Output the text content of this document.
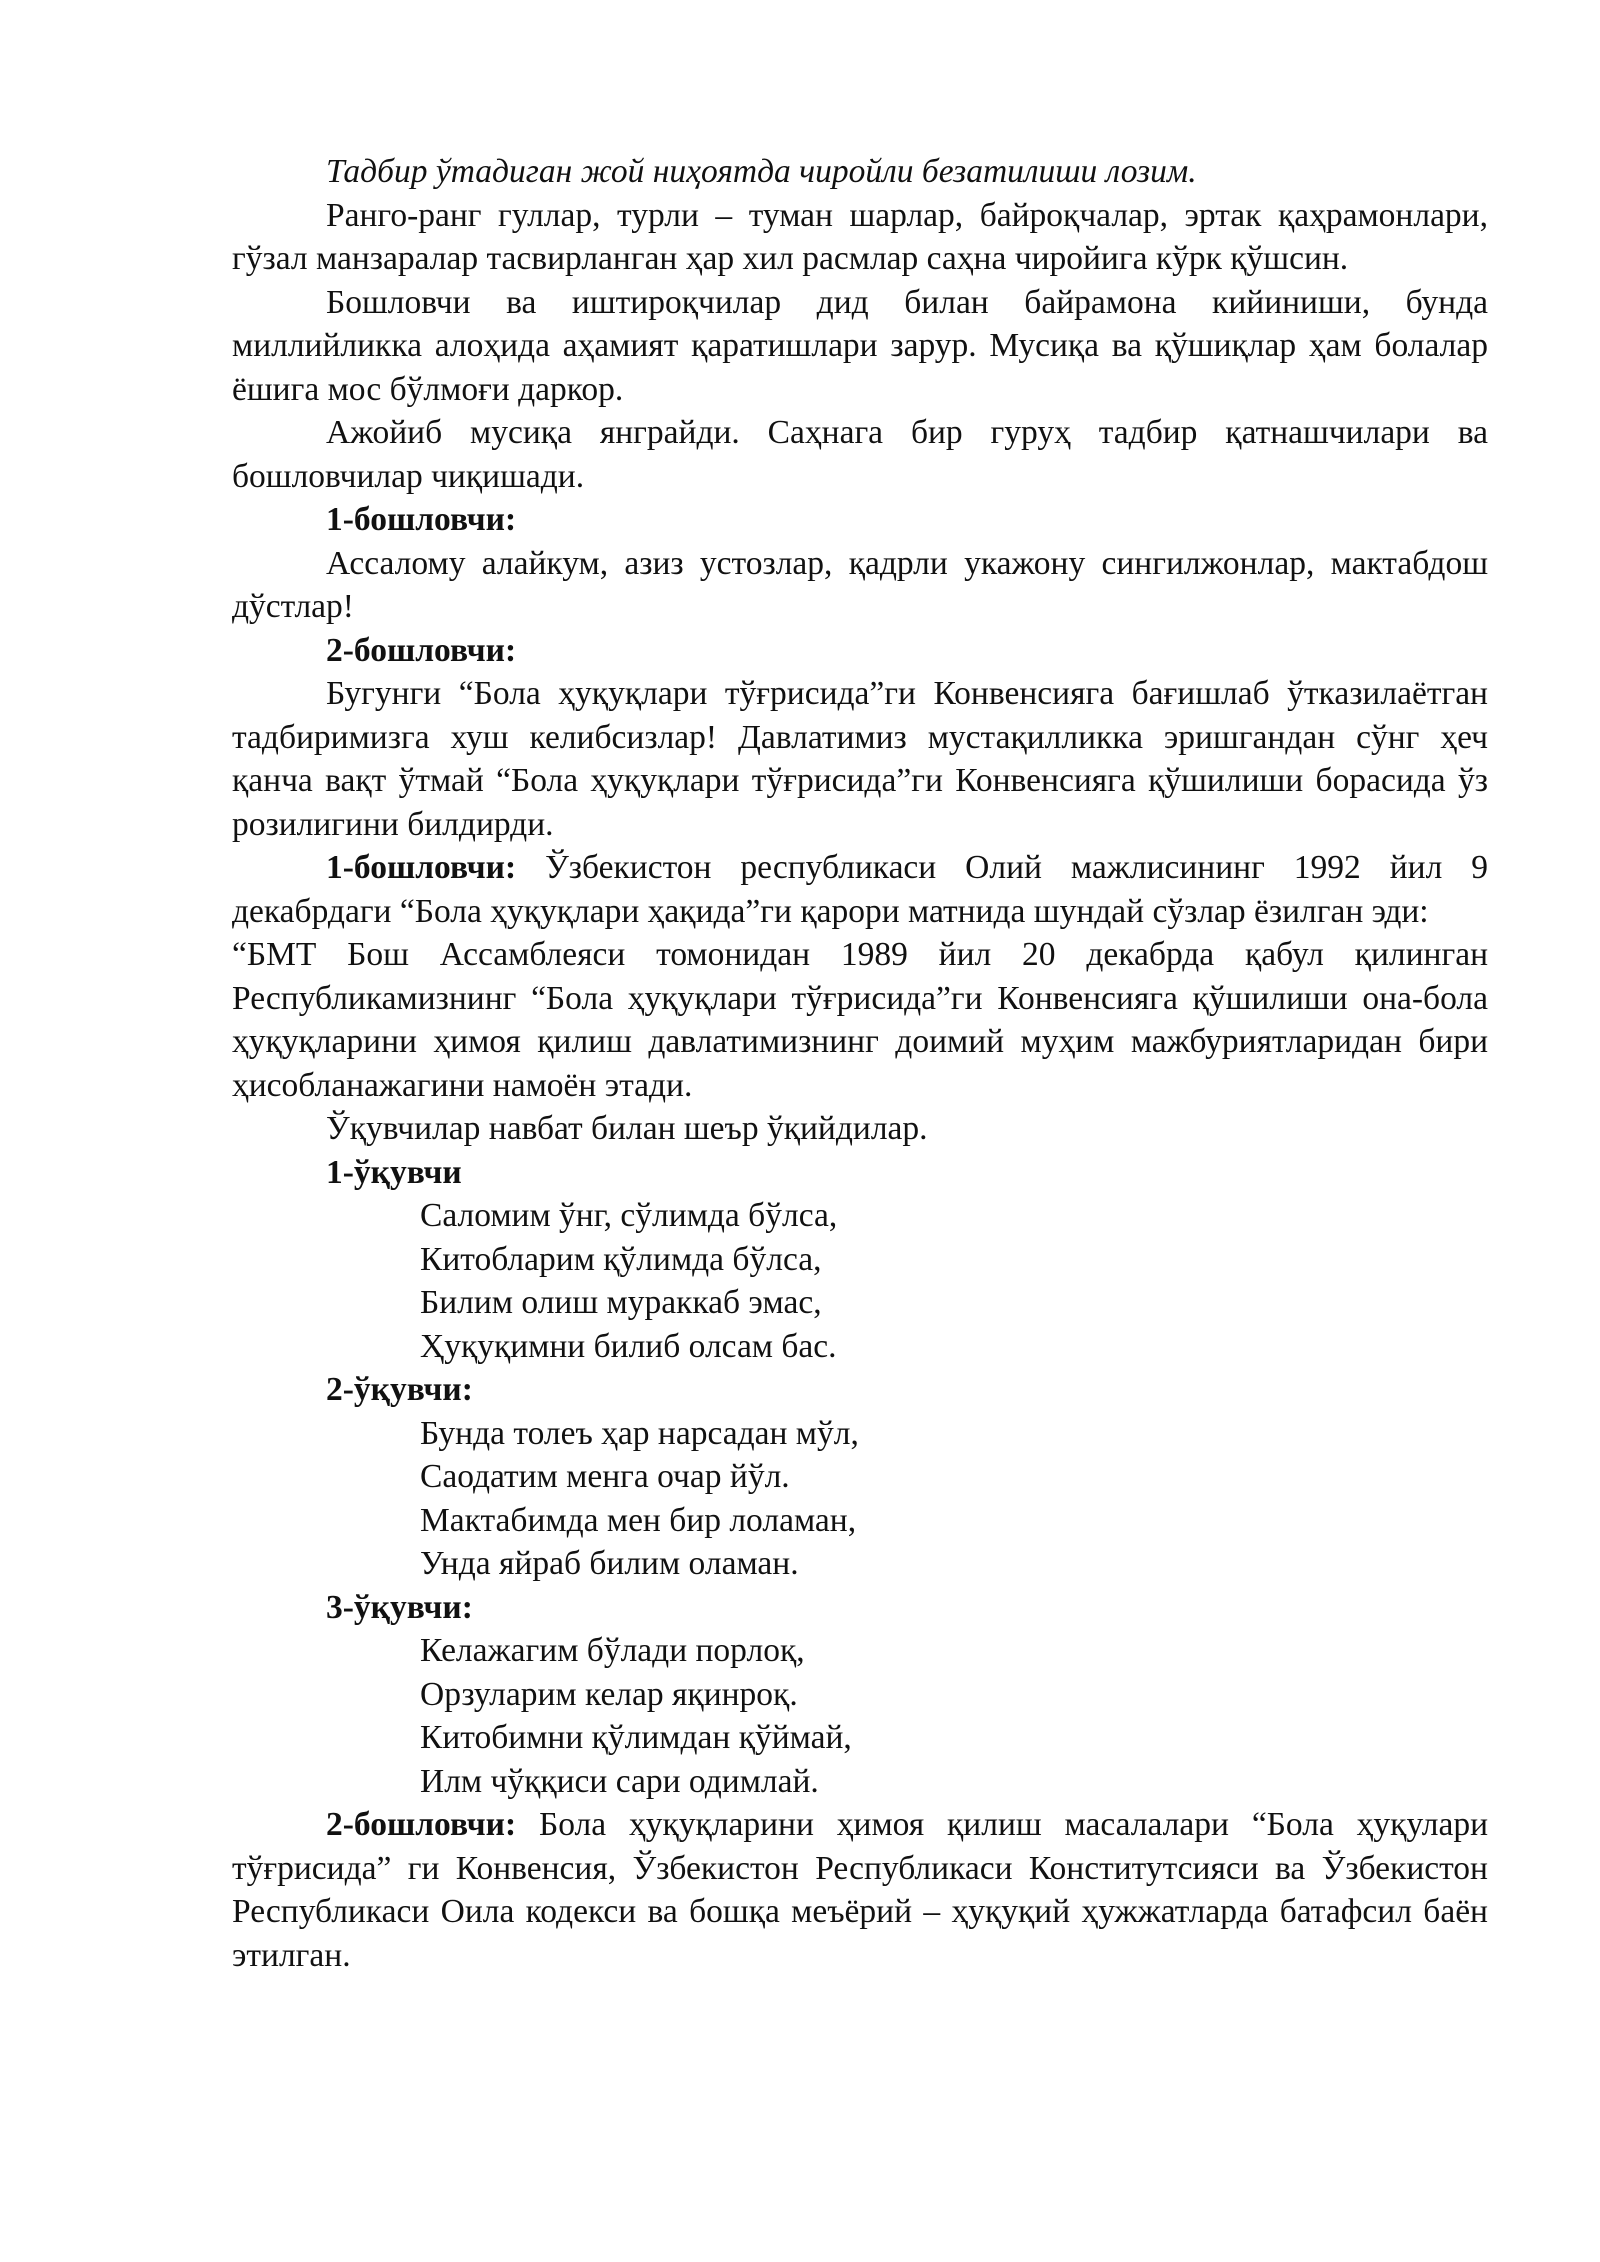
Тадбир ўтадиган жой ниҳоятда чиройли безатилиши лозим.

Ранго-ранг гуллар, турли – туман шарлар, байроқчалар, эртак қаҳрамонлари, гўзал манзаралар тасвирланган ҳар хил расмлар саҳна чиройига кўрк қўшсин.

Бошловчи ва иштироқчилар дид билан байрамона кийиниши, бунда миллийликка алоҳида аҳамият қаратишлари зарур. Мусиқа ва қўшиқлар ҳам болалар ёшига мос бўлмоғи даркор.

Ажойиб мусиқа янграйди. Саҳнага бир гуруҳ тадбир қатнашчилари ва бошловчилар чиқишади.

1-бошловчи:

Ассалому алайкум, азиз устозлар, қадрли укажону сингилжонлар, мактабдош дўстлар!

2-бошловчи:

Бугунги “Бола ҳуқуқлари тўғрисида”ги Конвенсияга бағишлаб ўтказилаётган тадбиримизга хуш келибсизлар! Давлатимиз мустақилликка эришгандан сўнг ҳеч қанча вақт ўтмай “Бола ҳуқуқлари тўғрисида”ги Конвенсияга қўшилиши борасида ўз розилигини билдирди.

1-бошловчи: Ўзбекистон республикаси Олий мажлисининг 1992 йил 9 декабрдаги “Бола ҳуқуқлари ҳақида”ги қарори матнида шундай сўзлар ёзилган эди:

“БМТ Бош Ассамблеяси томонидан 1989 йил 20 декабрда қабул қилинган Республикамизнинг “Бола ҳуқуқлари тўғрисида”ги Конвенсияга қўшилиши она-бола ҳуқуқларини ҳимоя қилиш давлатимизнинг доимий муҳим мажбуриятларидан бири ҳисобланажагини намоён этади.

Ўқувчилар навбат билан шеър ўқийдилар.

1-ўқувчи

Саломим ўнг, сўлимда бўлса,
Китобларим қўлимда бўлса,
Билим олиш мураккаб эмас,
Ҳуқуқимни билиб олсам бас.

2-ўқувчи:

Бунда толеъ ҳар нарсадан мўл,
Саодатим менга очар йўл.
Мактабимда мен бир лоламан,
Унда яйраб билим оламан.

3-ўқувчи:

Келажагим бўлади порлоқ,
Орзуларим келар яқинроқ.
Китобимни қўлимдан қўймай,
Илм чўққиси сари одимлай.

2-бошловчи: Бола ҳуқуқларини ҳимоя қилиш масалалари “Бола ҳуқулари тўғрисида” ги Конвенсия, Ўзбекистон Республикаси Конститутсияси ва Ўзбекистон Республикаси Оила кодекси ва бошқа меъёрий – ҳуқуқий ҳужжатларда батафсил баён этилган.
